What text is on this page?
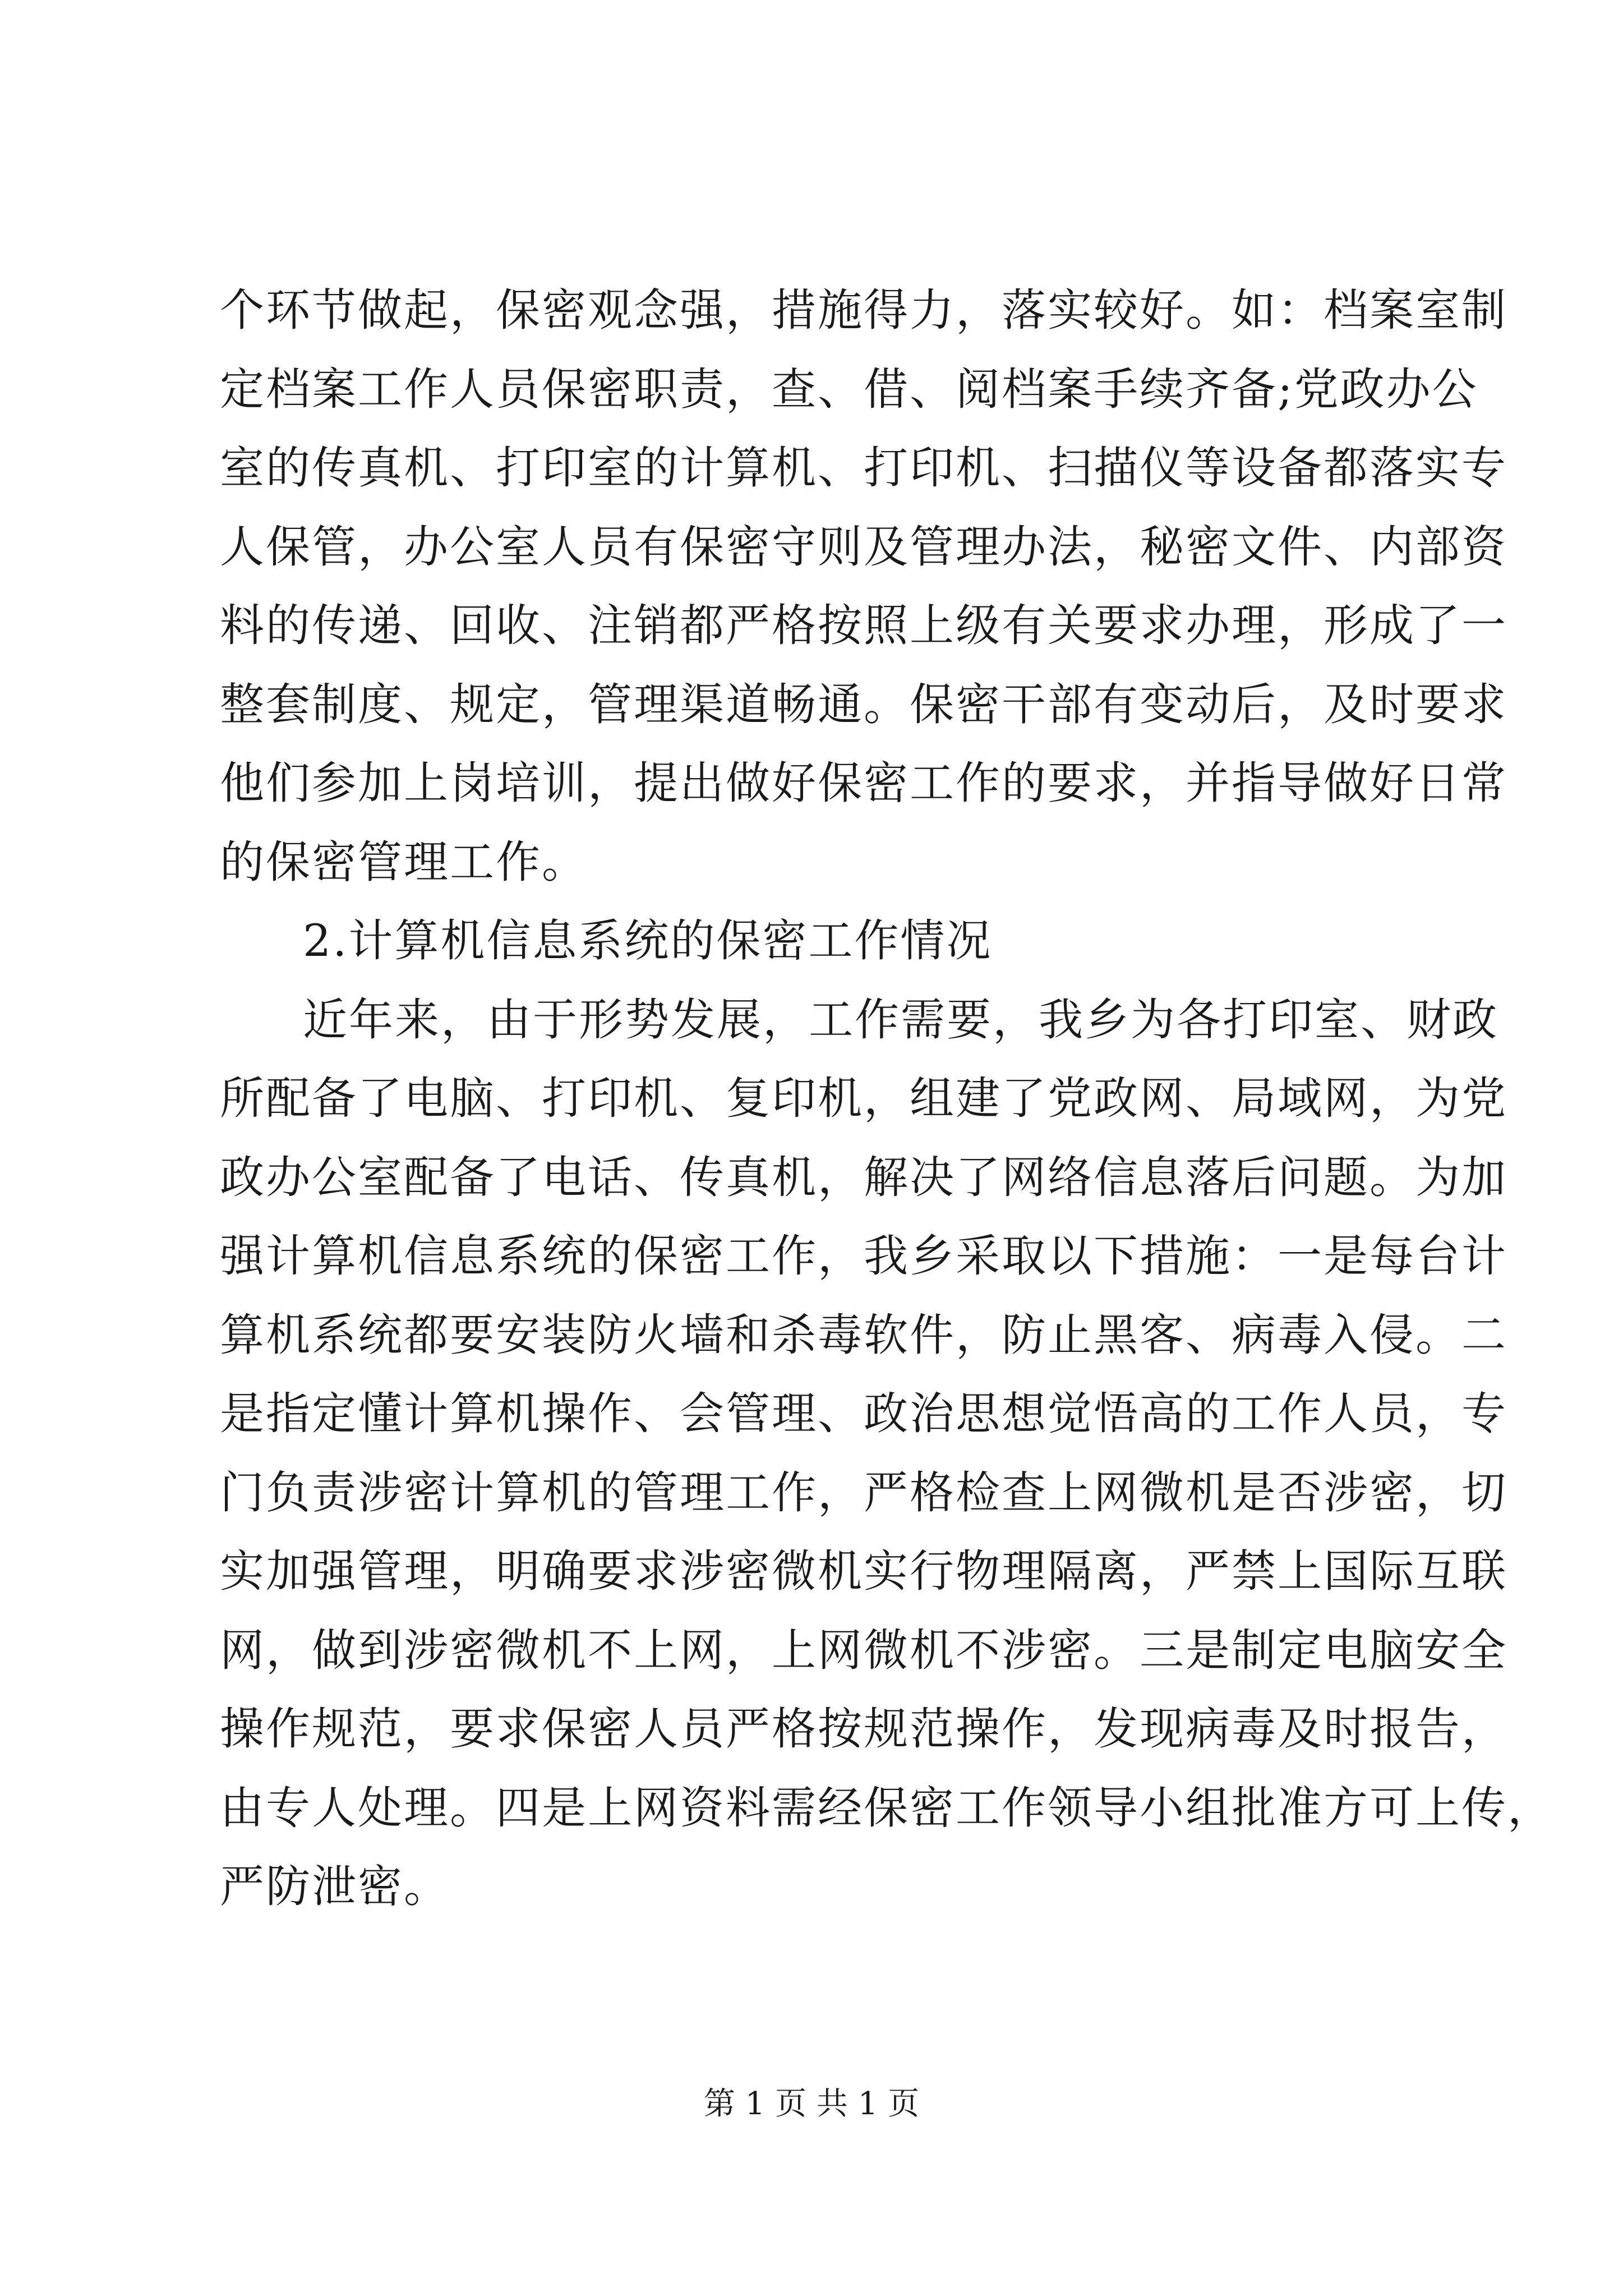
个环节做起，保密观念强，措施得力，落实较好。如：档案室制
定档案工作人员保密职责，查、借、阅档案手续齐备;党政办公
室的传真机、打印室的计算机、打印机、扫描仪等设备都落实专
人保管，办公室人员有保密守则及管理办法，秘密文件、内部资
料的传递、回收、注销都严格按照上级有关要求办理，形成了一
整套制度、规定，管理渠道畅通。保密干部有变动后，及时要求
他们参加上岗培训，提出做好保密工作的要求，并指导做好日常
的保密管理工作。
2.计算机信息系统的保密工作情况
近年来，由于形势发展，工作需要，我乡为各打印室、财政
所配备了电脑、打印机、复印机，组建了党政网、局域网，为党
政办公室配备了电话、传真机，解决了网络信息落后问题。为加
强计算机信息系统的保密工作，我乡采取以下措施：一是每台计
算机系统都要安装防火墙和杀毒软件，防止黑客、病毒入侵。二
是指定懂计算机操作、会管理、政治思想觉悟高的工作人员，专
门负责涉密计算机的管理工作，严格检查上网微机是否涉密，切
实加强管理，明确要求涉密微机实行物理隔离，严禁上国际互联
网，做到涉密微机不上网，上网微机不涉密。三是制定电脑安全
操作规范，要求保密人员严格按规范操作，发现病毒及时报告，
由专人处理。四是上网资料需经保密工作领导小组批准方可上传，
严防泄密。
第 1 页 共 1 页
